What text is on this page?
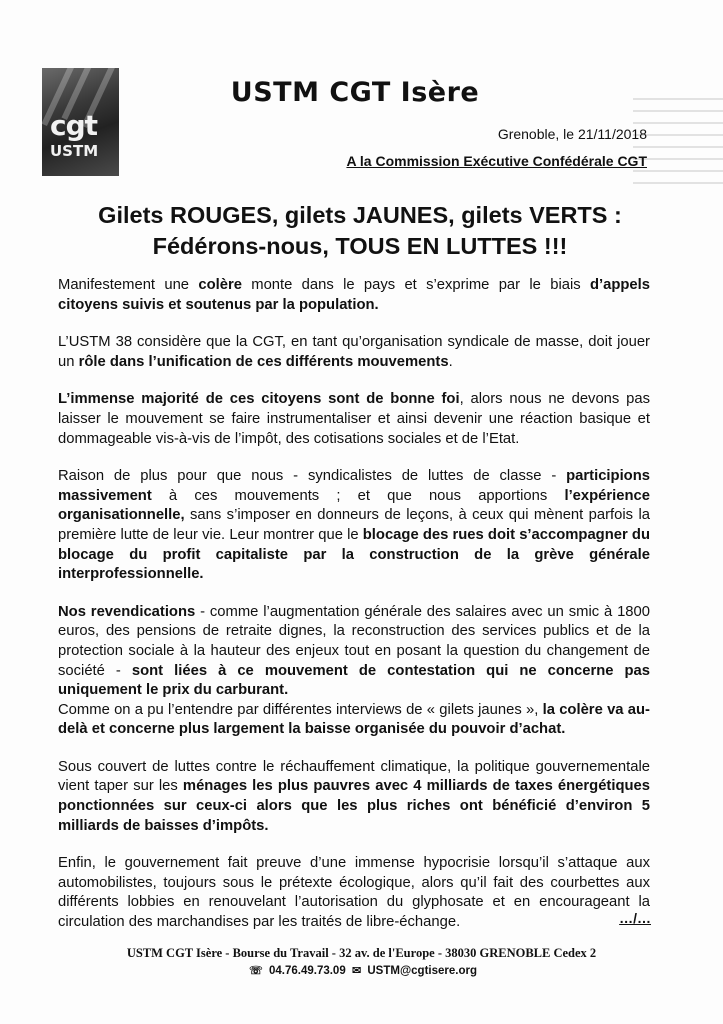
cgt
USTM
USTM CGT Isère
Grenoble, le 21/11/2018
A la Commission Exécutive Confédérale CGT
Gilets ROUGES, gilets JAUNES, gilets VERTS :
Fédérons-nous, TOUS EN LUTTES !!!

Manifestement une colère monte dans le pays et s’exprime par le biais d’appels citoyens suivis et soutenus par la population.

L’USTM 38 considère que la CGT, en tant qu’organisation syndicale de masse, doit jouer un rôle dans l’unification de ces différents mouvements.

L’immense majorité de ces citoyens sont de bonne foi, alors nous ne devons pas laisser le mouvement se faire instrumentaliser et ainsi devenir une réaction basique et dommageable vis-à-vis de l’impôt, des cotisations sociales et de l’Etat.

Raison de plus pour que nous - syndicalistes de luttes de classe - participions massivement à ces mouvements ; et que nous apportions l’expérience organisationnelle, sans s’imposer en donneurs de leçons, à ceux qui mènent parfois la première lutte de leur vie. Leur montrer que le blocage des rues doit s’accompagner du blocage du profit capitaliste par la construction de la grève générale interprofessionnelle.

Nos revendications - comme l’augmentation générale des salaires avec un smic à 1800 euros, des pensions de retraite dignes, la reconstruction des services publics et de la protection sociale à la hauteur des enjeux tout en posant la question du changement de société - sont liées à ce mouvement de contestation qui ne concerne pas uniquement le prix du carburant.

Comme on a pu l’entendre par différentes interviews de « gilets jaunes », la colère va au-delà et concerne plus largement la baisse organisée du pouvoir d’achat.

Sous couvert de luttes contre le réchauffement climatique, la politique gouvernementale vient taper sur les ménages les plus pauvres avec 4 milliards de taxes énergétiques ponctionnées sur ceux-ci alors que les plus riches ont bénéficié d’environ 5 milliards de baisses d’impôts.

Enfin, le gouvernement fait preuve d’une immense hypocrisie lorsqu’il s’attaque aux automobilistes, toujours sous le prétexte écologique, alors qu’il fait des courbettes aux différents lobbies en renouvelant l’autorisation du glyphosate et en encourageant la circulation des marchandises par les traités de libre-échange.	…/…
USTM CGT Isère - Bourse du Travail - 32 av. de l'Europe - 38030 GRENOBLE Cedex 2
☏ 04.76.49.73.09 ✉ USTM@cgtisere.org
